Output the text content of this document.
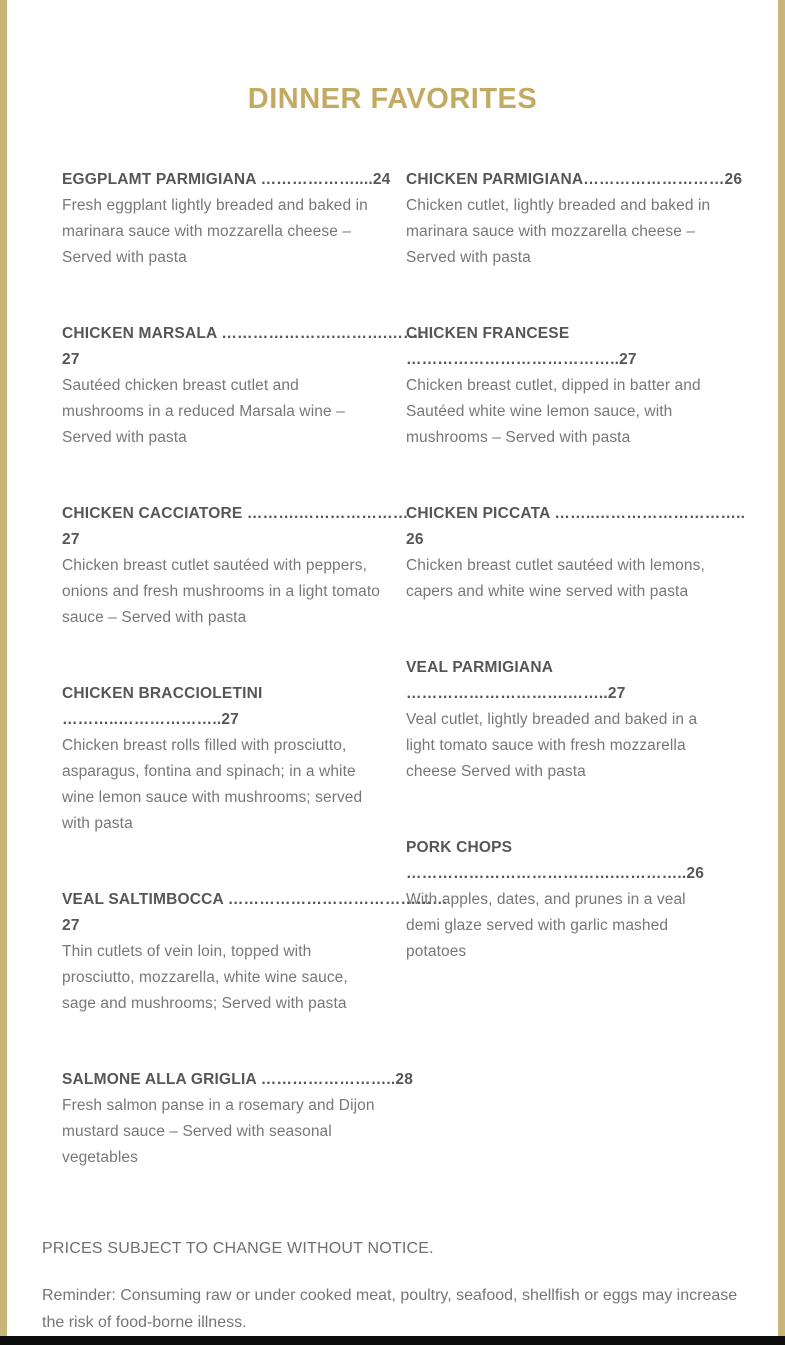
DINNER FAVORITES
EGGPLAMT PARMIGIANA ………………....24

Fresh eggplant lightly breaded and baked in marinara sauce with mozzarella cheese – Served with pasta

CHICKEN MARSALA ………………….……….………
27

Sautéed chicken breast cutlet and mushrooms in a reduced Marsala wine – Served with pasta

CHICKEN CACCIATORE ……….…………………
27

Chicken breast cutlet sautéed with peppers, onions and fresh mushrooms in a light tomato sauce – Served with pasta

CHICKEN BRACCIOLETINI
………..………………..27

Chicken breast rolls filled with prosciutto, asparagus, fontina and spinach; in a white wine lemon sauce with mushrooms; served with pasta

VEAL SALTIMBOCCA ……………………………………
27

Thin cutlets of vein loin, topped with prosciutto, mozzarella, white wine sauce, sage and mushrooms; Served with pasta

SALMONE ALLA GRIGLIA ……………………..28

Fresh salmon panse in a rosemary and Dijon mustard sauce – Served with seasonal vegetables

CHICKEN PARMIGIANA………………………26

Chicken cutlet, lightly breaded and baked in marinara sauce with mozzarella cheese – Served with pasta

CHICKEN FRANCESE
…………………………………..27

Chicken breast cutlet, dipped in batter and Sautéed white wine lemon sauce, with mushrooms – Served with pasta

CHICKEN PICCATA ……..………………………..
26

Chicken breast cutlet sautéed with lemons, capers and white wine served with pasta

VEAL PARMIGIANA
………………………….……..27

Veal cutlet, lightly breaded and baked in a light tomato sauce with fresh mozzarella cheese Served with pasta

PORK CHOPS
………………………………….…………..26

With apples, dates, and prunes in a veal demi glaze served with garlic mashed potatoes

PRICES SUBJECT TO CHANGE WITHOUT NOTICE.

Reminder: Consuming raw or under cooked meat, poultry, seafood, shellfish or eggs may increase the risk of food-borne illness.
